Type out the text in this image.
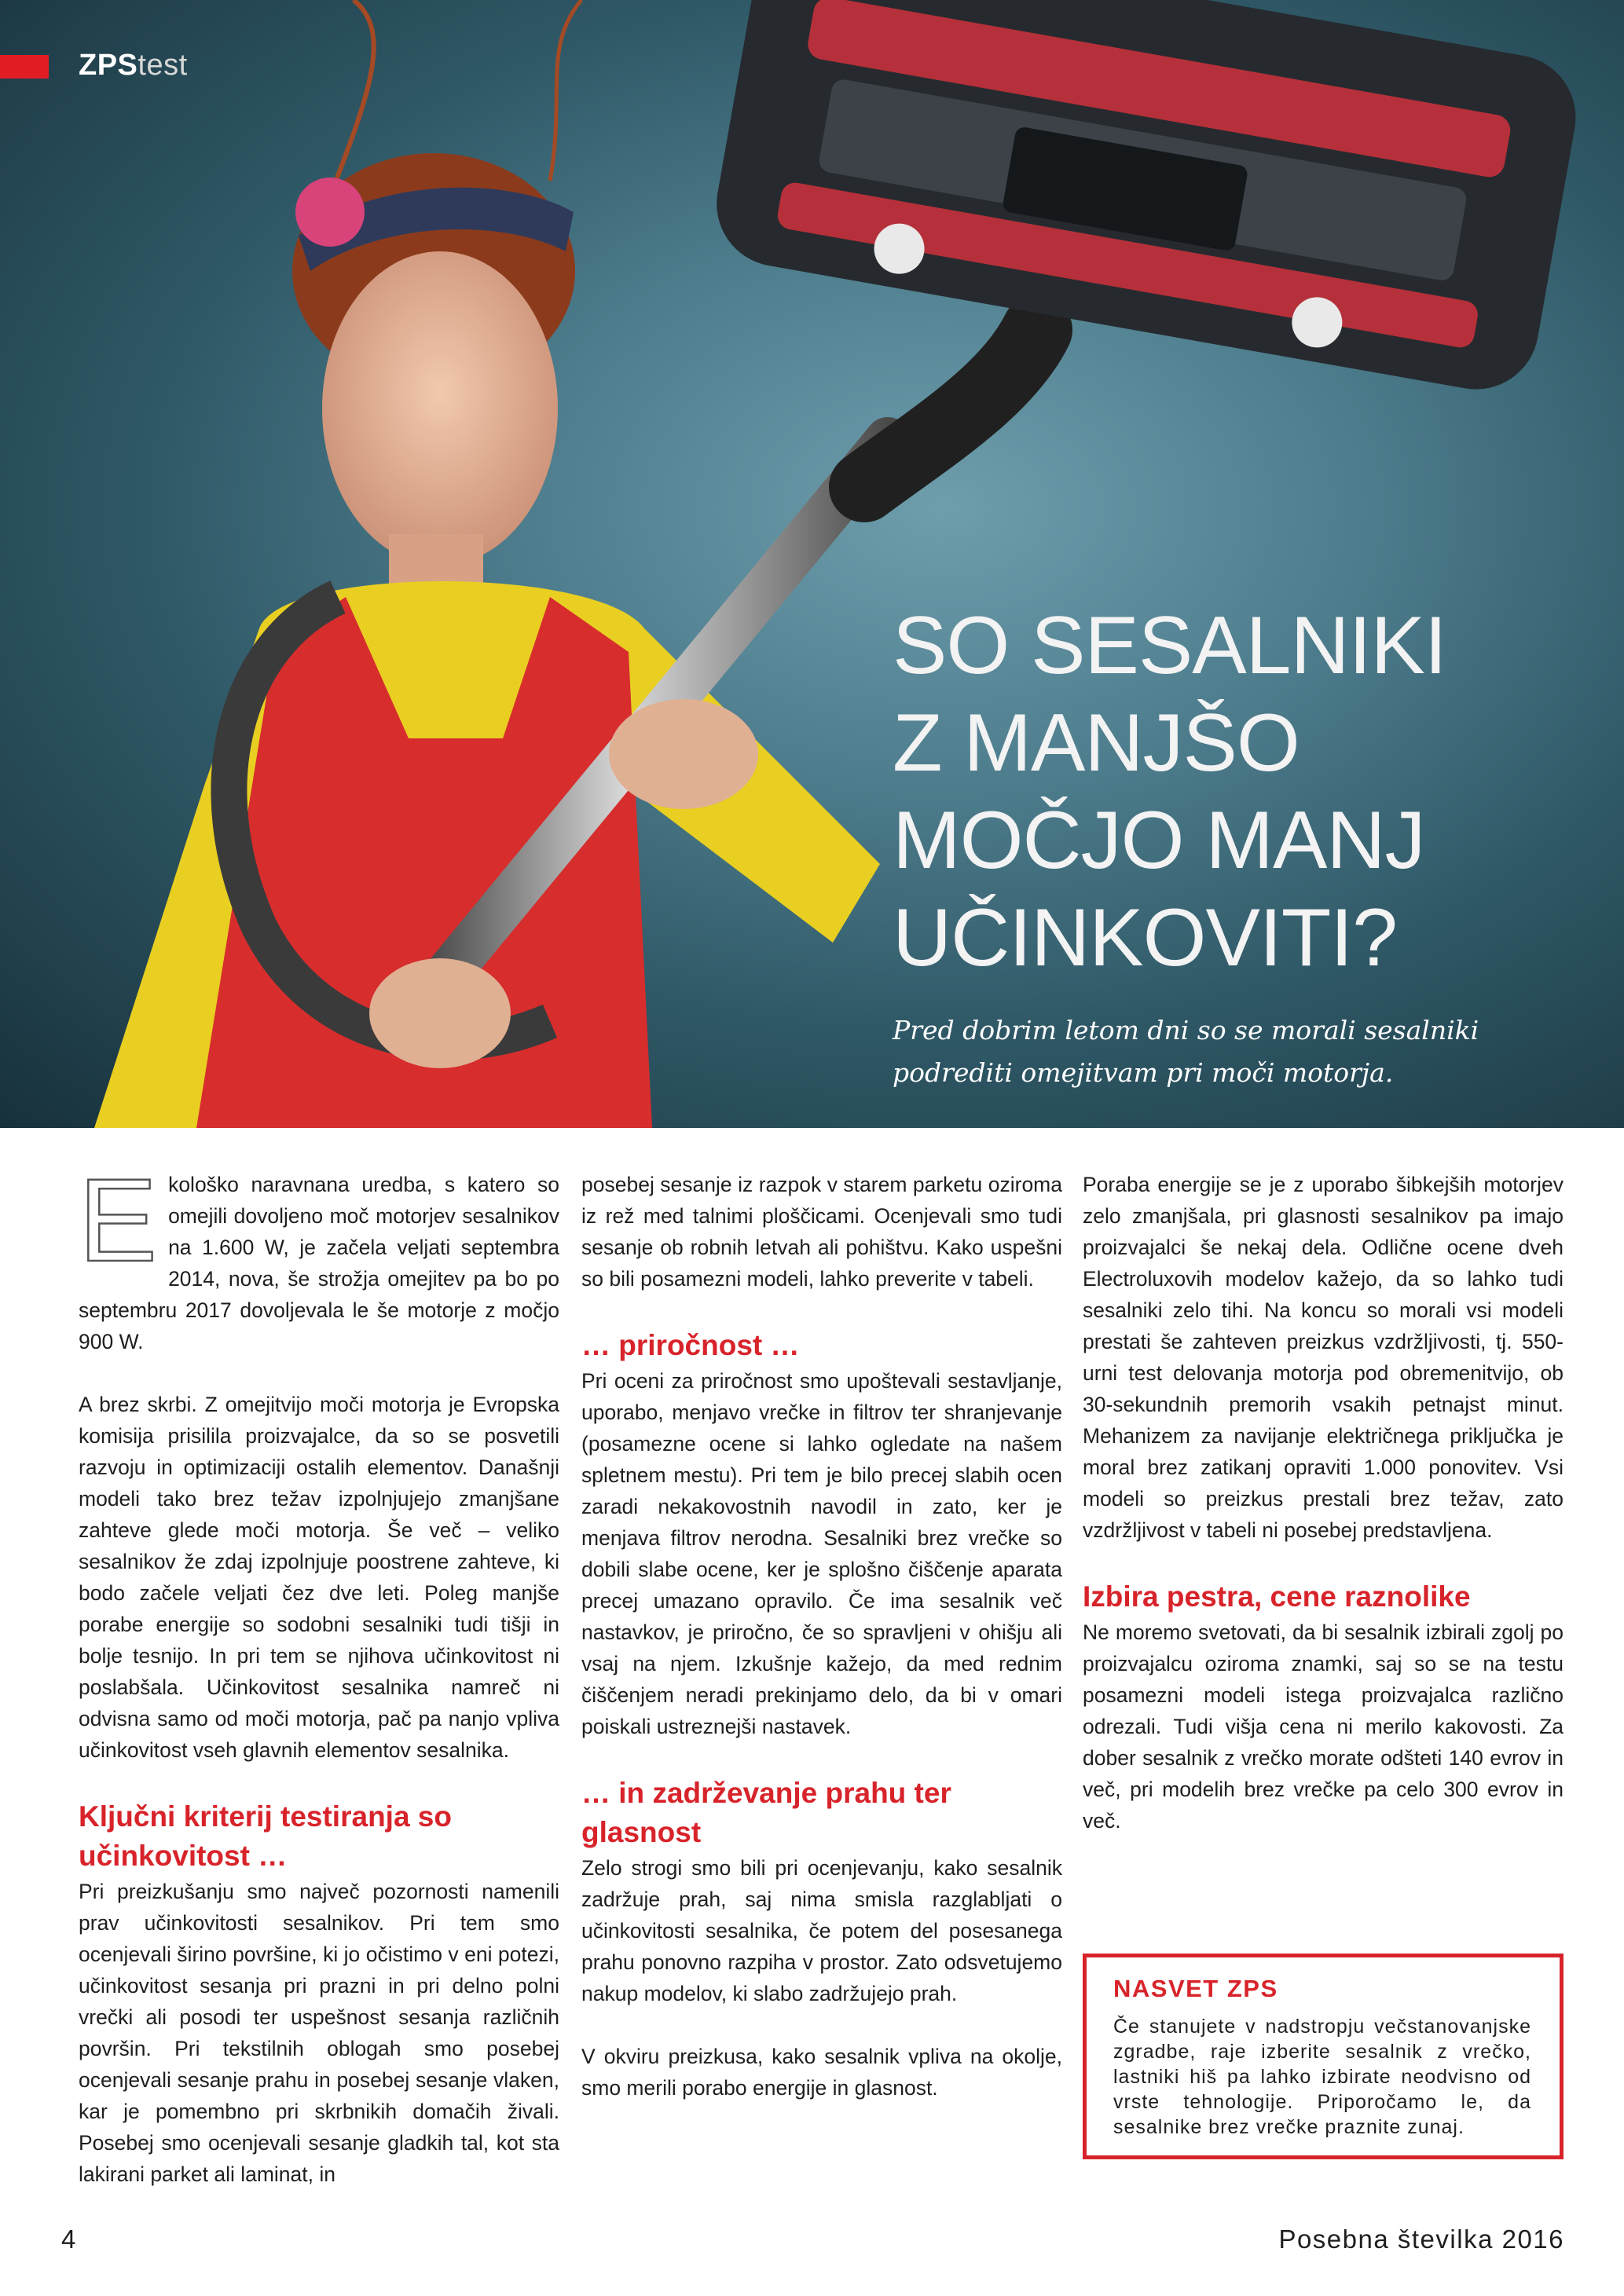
ZPStest
SO SESALNIKI
Z MANJŠO
MOČJO MANJ
UČINKOVITI?

Pred dobrim letom dni so se morali sesalniki podrediti omejitvam pri moči motorja.

Ekološko naravnana uredba, s katero so omejili dovoljeno moč motorjev sesalnikov na 1.600 W, je začela veljati septembra 2014, nova, še strožja omejitev pa bo po septembru 2017 dovoljevala le še motorje z močjo 900 W.

A brez skrbi. Z omejitvijo moči motorja je Evropska komisija prisilila proizvajalce, da so se posvetili razvoju in optimizaciji ostalih elementov. Današnji modeli tako brez težav izpolnjujejo zmanjšane zahteve glede moči motorja. Še več – veliko sesalnikov že zdaj izpolnjuje poostrene zahteve, ki bodo začele veljati čez dve leti. Poleg manjše porabe energije so sodobni sesalniki tudi tišji in bolje tesnijo. In pri tem se njihova učinkovitost ni poslabšala. Učinkovitost sesalnika namreč ni odvisna samo od moči motorja, pač pa nanjo vpliva učinkovitost vseh glavnih elementov sesalnika.

Ključni kriterij testiranja so učinkovitost …

Pri preizkušanju smo največ pozornosti namenili prav učinkovitosti sesalnikov. Pri tem smo ocenjevali širino površine, ki jo očistimo v eni potezi, učinkovitost sesanja pri prazni in pri delno polni vrečki ali posodi ter uspešnost sesanja različnih površin. Pri tekstilnih oblogah smo posebej ocenjevali sesanje prahu in posebej sesanje vlaken, kar je pomembno pri skrbnikih domačih živali. Posebej smo ocenjevali sesanje gladkih tal, kot sta lakirani parket ali laminat, in

posebej sesanje iz razpok v starem parketu oziroma iz rež med talnimi ploščicami. Ocenjevali smo tudi sesanje ob robnih letvah ali pohištvu. Kako uspešni so bili posamezni modeli, lahko preverite v tabeli.

… priročnost …

Pri oceni za priročnost smo upoštevali sestavljanje, uporabo, menjavo vrečke in filtrov ter shranjevanje (posamezne ocene si lahko ogledate na našem spletnem mestu). Pri tem je bilo precej slabih ocen zaradi nekakovostnih navodil in zato, ker je menjava filtrov nerodna. Sesalniki brez vrečke so dobili slabe ocene, ker je splošno čiščenje aparata precej umazano opravilo. Če ima sesalnik več nastavkov, je priročno, če so spravljeni v ohišju ali vsaj na njem. Izkušnje kažejo, da med rednim čiščenjem neradi prekinjamo delo, da bi v omari poiskali ustreznejši nastavek.

… in zadrževanje prahu ter glasnost

Zelo strogi smo bili pri ocenjevanju, kako sesalnik zadržuje prah, saj nima smisla razglabljati o učinkovitosti sesalnika, če potem del posesanega prahu ponovno razpiha v prostor. Zato odsvetujemo nakup modelov, ki slabo zadržujejo prah.

V okviru preizkusa, kako sesalnik vpliva na okolje, smo merili porabo energije in glasnost.

Poraba energije se je z uporabo šibkejših motorjev zelo zmanjšala, pri glasnosti sesalnikov pa imajo proizvajalci še nekaj dela. Odlične ocene dveh Electroluxovih modelov kažejo, da so lahko tudi sesalniki zelo tihi. Na koncu so morali vsi modeli prestati še zahteven preizkus vzdržljivosti, tj. 550-urni test delovanja motorja pod obremenitvijo, ob 30-sekundnih premorih vsakih petnajst minut. Mehanizem za navijanje električnega priključka je moral brez zatikanj opraviti 1.000 ponovitev. Vsi modeli so preizkus prestali brez težav, zato vzdržljivost v tabeli ni posebej predstavljena.

Izbira pestra, cene raznolike

Ne moremo svetovati, da bi sesalnik izbirali zgolj po proizvajalcu oziroma znamki, saj so se na testu posamezni modeli istega proizvajalca različno odrezali. Tudi višja cena ni merilo kakovosti. Za dober sesalnik z vrečko morate odšteti 140 evrov in več, pri modelih brez vrečke pa celo 300 evrov in več.

NASVET ZPS

Če stanujete v nadstropju večstanovanjske zgradbe, raje izberite sesalnik z vrečko, lastniki hiš pa lahko izbirate neodvisno od vrste tehnologije. Priporočamo le, da sesalnike brez vrečke praznite zunaj.

4	Posebna številka 2016
